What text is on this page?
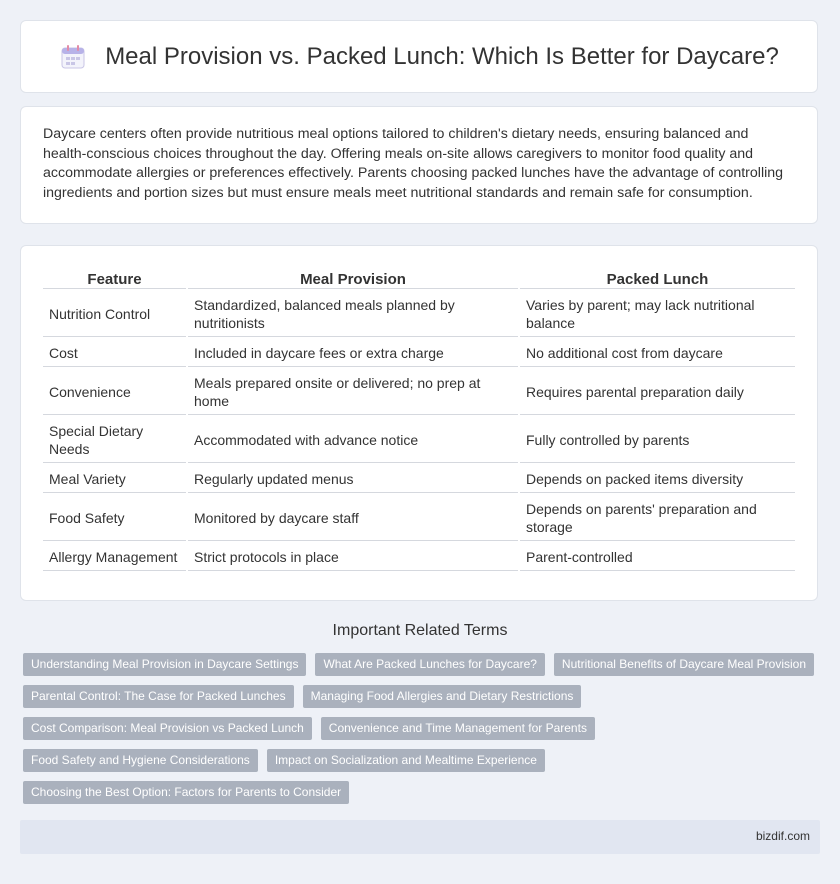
Meal Provision vs. Packed Lunch: Which Is Better for Daycare?

Daycare centers often provide nutritious meal options tailored to children's dietary needs, ensuring balanced and health-conscious choices throughout the day. Offering meals on-site allows caregivers to monitor food quality and accommodate allergies or preferences effectively. Parents choosing packed lunches have the advantage of controlling ingredients and portion sizes but must ensure meals meet nutritional standards and remain safe for consumption.

Feature	Meal Provision	Packed Lunch
Nutrition Control	Standardized, balanced meals planned by nutritionists	Varies by parent; may lack nutritional balance
Cost	Included in daycare fees or extra charge	No additional cost from daycare
Convenience	Meals prepared onsite or delivered; no prep at home	Requires parental preparation daily
Special Dietary Needs	Accommodated with advance notice	Fully controlled by parents
Meal Variety	Regularly updated menus	Depends on packed items diversity
Food Safety	Monitored by daycare staff	Depends on parents' preparation and storage
Allergy Management	Strict protocols in place	Parent-controlled
Important Related Terms
Understanding Meal Provision in Daycare Settings	What Are Packed Lunches for Daycare?	Nutritional Benefits of Daycare Meal Provision
Parental Control: The Case for Packed Lunches	Managing Food Allergies and Dietary Restrictions
Cost Comparison: Meal Provision vs Packed Lunch	Convenience and Time Management for Parents
Food Safety and Hygiene Considerations	Impact on Socialization and Mealtime Experience
Choosing the Best Option: Factors for Parents to Consider
bizdif.com
